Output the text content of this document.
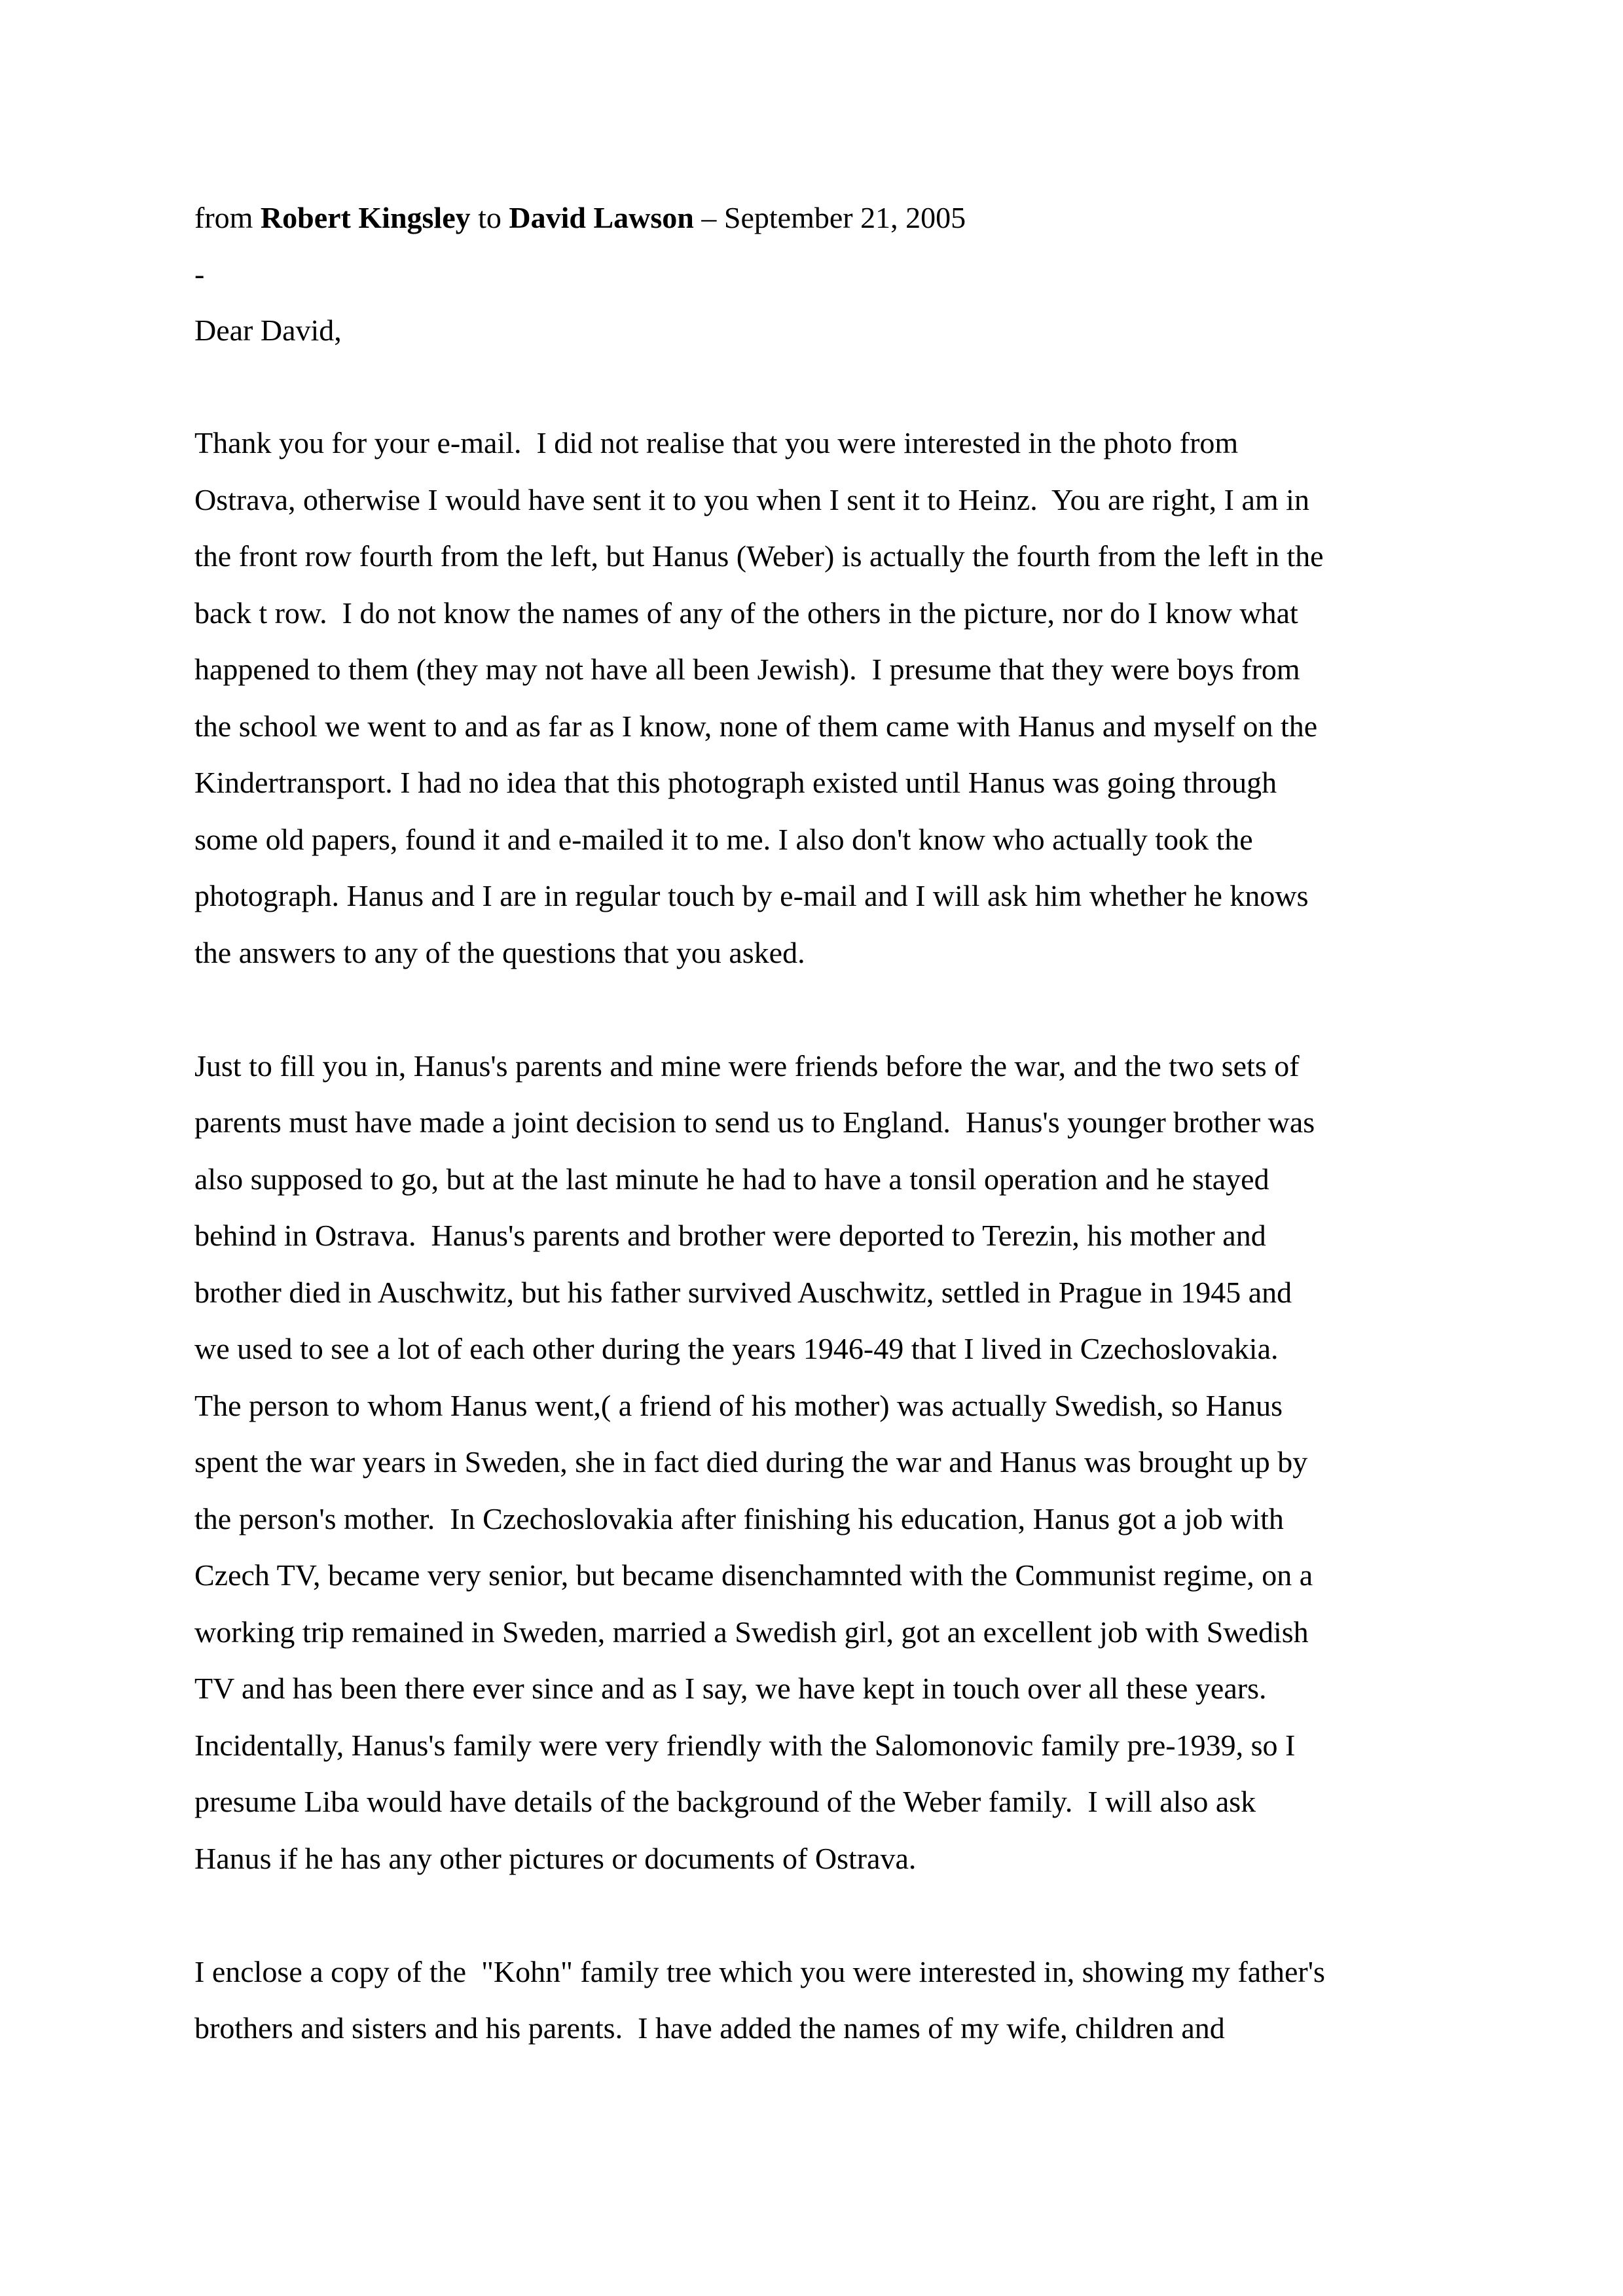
from Robert Kingsley to David Lawson – September 21, 2005

-

Dear David,

Thank you for your e-mail.  I did not realise that you were interested in the photo from

Ostrava, otherwise I would have sent it to you when I sent it to Heinz.  You are right, I am in

the front row fourth from the left, but Hanus (Weber) is actually the fourth from the left in the

back t row.  I do not know the names of any of the others in the picture, nor do I know what

happened to them (they may not have all been Jewish).  I presume that they were boys from

the school we went to and as far as I know, none of them came with Hanus and myself on the

Kindertransport. I had no idea that this photograph existed until Hanus was going through

some old papers, found it and e-mailed it to me. I also don't know who actually took the

photograph. Hanus and I are in regular touch by e-mail and I will ask him whether he knows

the answers to any of the questions that you asked.

Just to fill you in, Hanus's parents and mine were friends before the war, and the two sets of

parents must have made a joint decision to send us to England.  Hanus's younger brother was

also supposed to go, but at the last minute he had to have a tonsil operation and he stayed

behind in Ostrava.  Hanus's parents and brother were deported to Terezin, his mother and

brother died in Auschwitz, but his father survived Auschwitz, settled in Prague in 1945 and

we used to see a lot of each other during the years 1946-49 that I lived in Czechoslovakia.

The person to whom Hanus went,( a friend of his mother) was actually Swedish, so Hanus

spent the war years in Sweden, she in fact died during the war and Hanus was brought up by

the person's mother.  In Czechoslovakia after finishing his education, Hanus got a job with

Czech TV, became very senior, but became disenchamnted with the Communist regime, on a

working trip remained in Sweden, married a Swedish girl, got an excellent job with Swedish

TV and has been there ever since and as I say, we have kept in touch over all these years.

Incidentally, Hanus's family were very friendly with the Salomonovic family pre-1939, so I

presume Liba would have details of the background of the Weber family.  I will also ask

Hanus if he has any other pictures or documents of Ostrava.

I enclose a copy of the  "Kohn" family tree which you were interested in, showing my father's

brothers and sisters and his parents.  I have added the names of my wife, children and
